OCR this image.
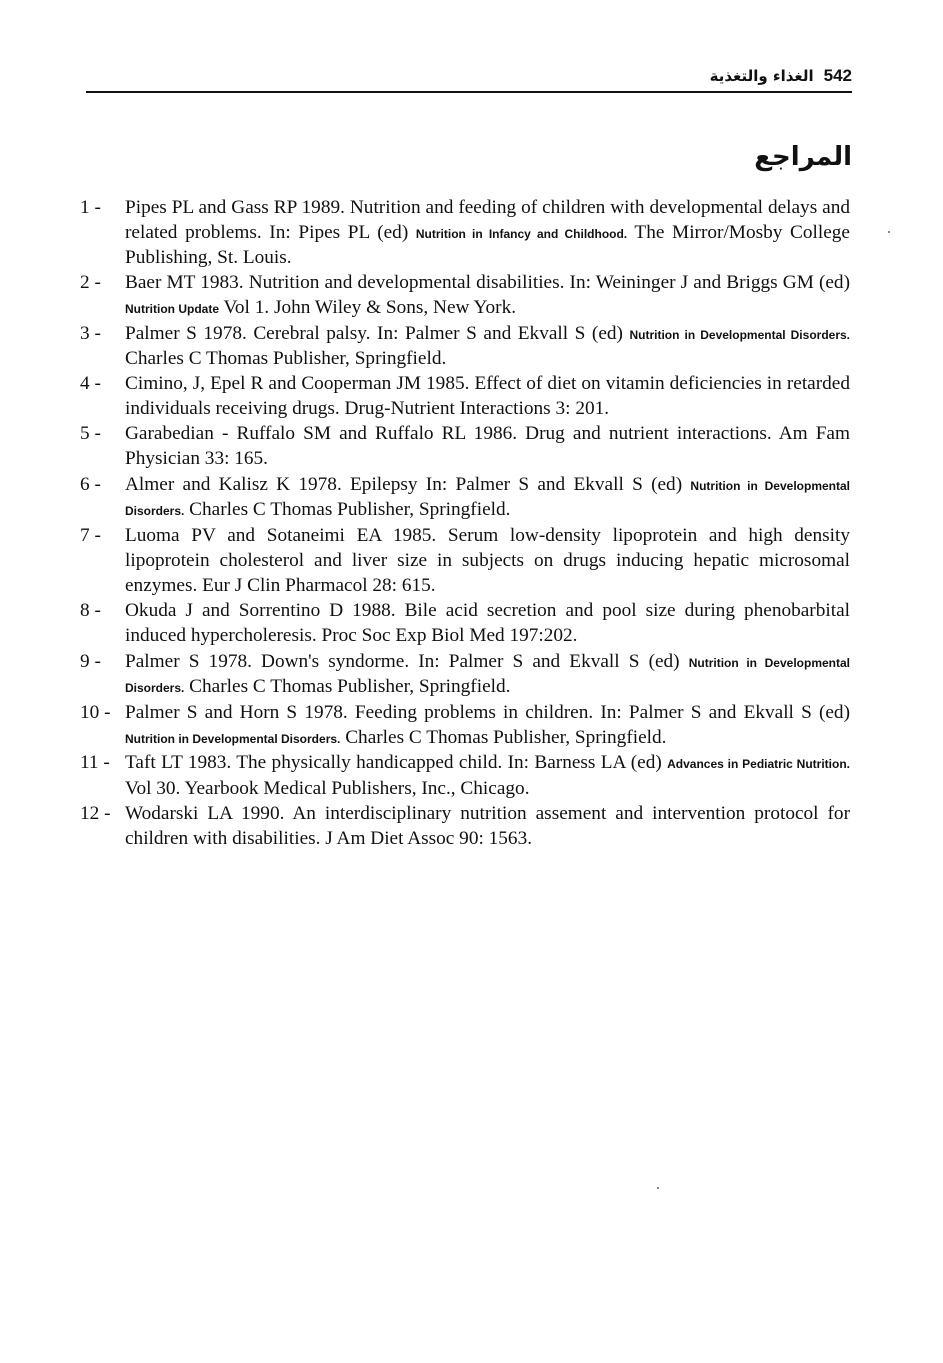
الغذاء والتغذية 542
المراجع
1 -	Pipes PL and Gass RP 1989. Nutrition and feeding of children with developmental delays and related problems. In: Pipes PL (ed) Nutrition in Infancy and Childhood. The Mirror/Mosby College Publishing, St. Louis.
2 -	Baer MT 1983. Nutrition and developmental disabilities. In: Weininger J and Briggs GM (ed) Nutrition Update Vol 1. John Wiley & Sons, New York.
3 -	Palmer S 1978. Cerebral palsy. In: Palmer S and Ekvall S (ed) Nutrition in Developmental Disorders. Charles C Thomas Publisher, Springfield.
4 -	Cimino, J, Epel R and Cooperman JM 1985. Effect of diet on vitamin deficiencies in retarded individuals receiving drugs. Drug-Nutrient Interactions 3: 201.
5 -	Garabedian - Ruffalo SM and Ruffalo RL 1986. Drug and nutrient interactions. Am Fam Physician 33: 165.
6 -	Almer and Kalisz K 1978. Epilepsy In: Palmer S and Ekvall S (ed) Nutrition in Developmental Disorders. Charles C Thomas Publisher, Springfield.
7 -	Luoma PV and Sotaneimi EA 1985. Serum low-density lipoprotein and high density lipoprotein cholesterol and liver size in subjects on drugs inducing hepatic microsomal enzymes. Eur J Clin Pharmacol 28: 615.
8 -	Okuda J and Sorrentino D 1988. Bile acid secretion and pool size during phenobarbital induced hypercholeresis. Proc Soc Exp Biol Med 197:202.
9 -	Palmer S 1978. Down's syndorme. In: Palmer S and Ekvall S (ed) Nutrition in Developmental Disorders. Charles C Thomas Publisher, Springfield.
10 - Palmer S and Horn S 1978. Feeding problems in children. In: Palmer S and Ekvall S (ed) Nutrition in Developmental Disorders. Charles C Thomas Publisher, Springfield.
11 - Taft LT 1983. The physically handicapped child. In: Barness LA (ed) Advances in Pediatric Nutrition. Vol 30. Yearbook Medical Publishers, Inc., Chicago.
12 - Wodarski LA 1990. An interdisciplinary nutrition assement and intervention protocol for children with disabilities. J Am Diet Assoc 90: 1563.
